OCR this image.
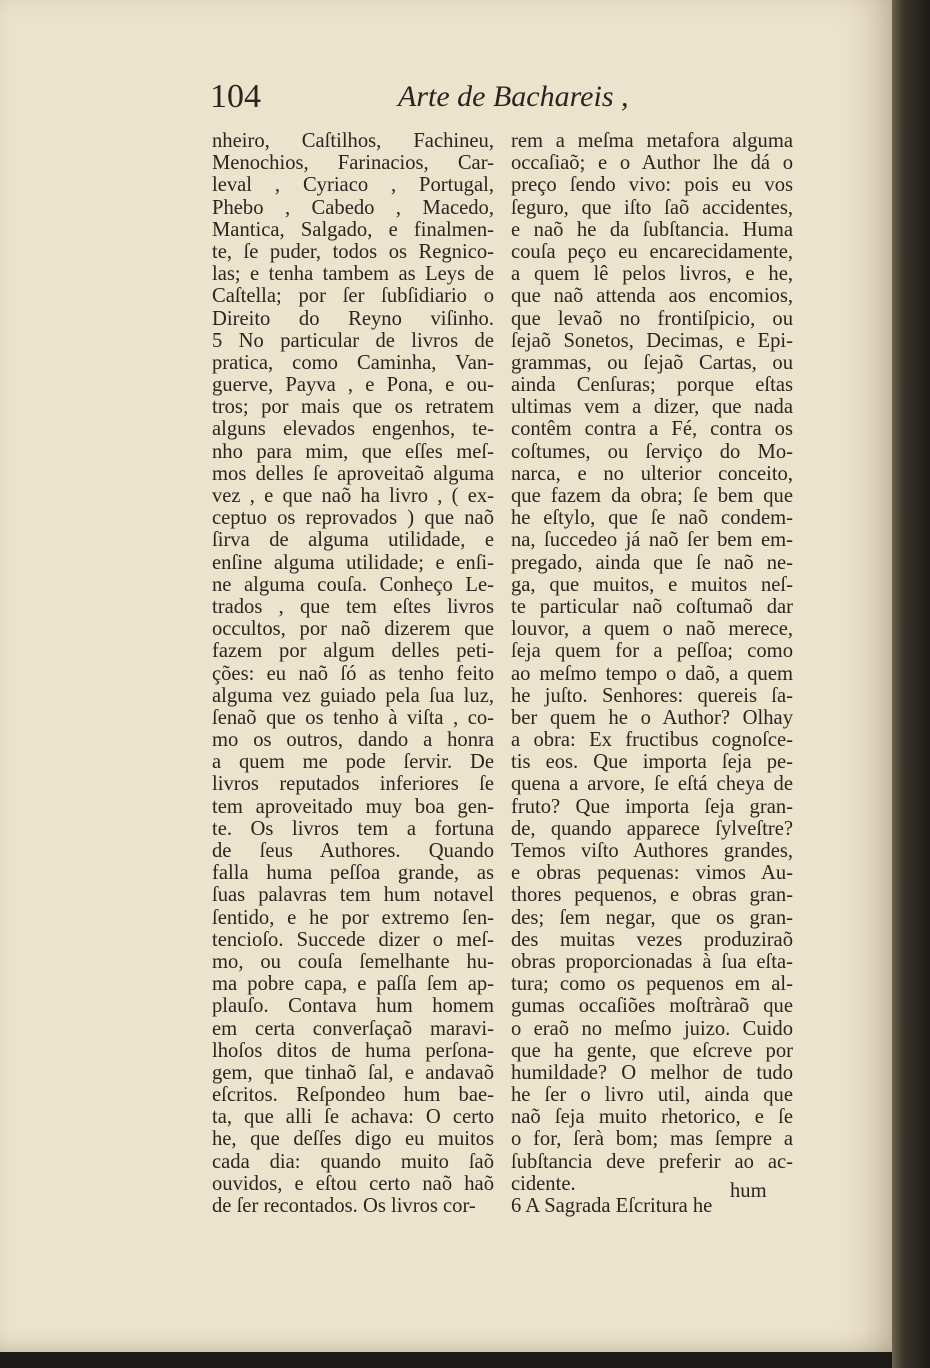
104	Arte de Bachareis ,
nheiro, Caſtilhos, Fachineu,
Menochios, Farinacios, Car-
leval , Cyriaco , Portugal,
Phebo , Cabedo , Macedo,
Mantica, Salgado, e finalmen-
te, ſe puder, todos os Regnico-
las; e tenha tambem as Leys de
Caſtella; por ſer ſubſidiario o
Direito do Reyno viſinho.
5 No particular de livros de
pratica, como Caminha, Van-
guerve, Payva , e Pona, e ou-
tros; por mais que os retratem
alguns elevados engenhos, te-
nho para mim, que eſſes meſ-
mos delles ſe aproveitaõ alguma
vez , e que naõ ha livro , ( ex-
ceptuo os reprovados ) que naõ
ſirva de alguma utilidade, e
enſine alguma utilidade; e enſi-
ne alguma couſa. Conheço Le-
trados , que tem eſtes livros
occultos, por naõ dizerem que
fazem por algum delles peti-
ções: eu naõ ſó as tenho feito
alguma vez guiado pela ſua luz,
ſenaõ que os tenho à viſta , co-
mo os outros, dando a honra
a quem me pode ſervir. De
livros reputados inferiores ſe
tem aproveitado muy boa gen-
te. Os livros tem a fortuna
de ſeus Authores. Quando
falla huma peſſoa grande, as
ſuas palavras tem hum notavel
ſentido, e he por extremo ſen-
tencioſo. Succede dizer o meſ-
mo, ou couſa ſemelhante hu-
ma pobre capa, e paſſa ſem ap-
plauſo. Contava hum homem
em certa converſaçaõ maravi-
lhoſos ditos de huma perſona-
gem, que tinhaõ ſal, e andavaõ
eſcritos. Reſpondeo hum bae-
ta, que alli ſe achava: O certo
he, que deſſes digo eu muitos
cada dia: quando muito ſaõ
ouvidos, e eſtou certo naõ haõ
de ſer recontados. Os livros cor-
rem a meſma metafora alguma
occaſiaõ; e o Author lhe dá o
preço ſendo vivo: pois eu vos
ſeguro, que iſto ſaõ accidentes,
e naõ he da ſubſtancia. Huma
couſa peço eu encarecidamente,
a quem lê pelos livros, e he,
que naõ attenda aos encomios,
que levaõ no frontiſpicio, ou
ſejaõ Sonetos, Decimas, e Epi-
grammas, ou ſejaõ Cartas, ou
ainda Cenſuras; porque eſtas
ultimas vem a dizer, que nada
contêm contra a Fé, contra os
coſtumes, ou ſerviço do Mo-
narca, e no ulterior conceito,
que fazem da obra; ſe bem que
he eſtylo, que ſe naõ condem-
na, ſuccedeo já naõ ſer bem em-
pregado, ainda que ſe naõ ne-
ga, que muitos, e muitos neſ-
te particular naõ coſtumaõ dar
louvor, a quem o naõ merece,
ſeja quem for a peſſoa; como
ao meſmo tempo o daõ, a quem
he juſto. Senhores: quereis ſa-
ber quem he o Author? Olhay
a obra: Ex fructibus cognoſce-
tis eos. Que importa ſeja pe-
quena a arvore, ſe eſtá cheya de
fruto? Que importa ſeja gran-
de, quando apparece ſylveſtre?
Temos viſto Authores grandes,
e obras pequenas: vimos Au-
thores pequenos, e obras gran-
des; ſem negar, que os gran-
des muitas vezes produziraõ
obras proporcionadas à ſua eſta-
tura; como os pequenos em al-
gumas occaſiões moſtràraõ que
o eraõ no meſmo juizo. Cuido
que ha gente, que eſcreve por
humildade? O melhor de tudo
he ſer o livro util, ainda que
naõ ſeja muito rhetorico, e ſe
o for, ſerà bom; mas ſempre a
ſubſtancia deve preferir ao ac-
cidente.
6 A Sagrada Eſcritura he
hum
